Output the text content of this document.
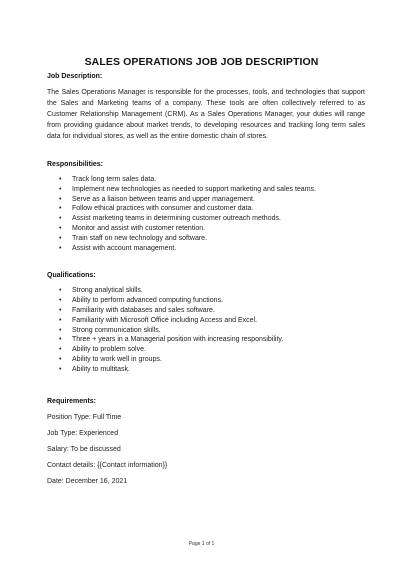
SALES OPERATIONS JOB JOB DESCRIPTION

Job Description:

The Sales Operations Manager is responsible for the processes, tools, and technologies that support the Sales and Marketing teams of a company. These tools are often collectively referred to as Customer Relationship Management (CRM). As a Sales Operations Manager, your duties will range from providing guidance about market trends, to developing resources and tracking long term sales data for individual stores, as well as the entire domestic chain of stores.

Responsibilities:

• Track long term sales data.
• Implement new technologies as needed to support marketing and sales teams.
• Serve as a liaison between teams and upper management.
• Follow ethical practices with consumer and customer data.
• Assist marketing teams in determining customer outreach methods.
• Monitor and assist with customer retention.
• Train staff on new technology and software.
• Assist with account management.

Qualifications:

• Strong analytical skills.
• Ability to perform advanced computing functions.
• Familiarity with databases and sales software.
• Familiarity with Microsoft Office including Access and Excel.
• Strong communication skills.
• Three + years in a Managerial position with increasing responsibility.
• Ability to problem solve.
• Ability to work well in groups.
• Ability to multitask.

Requirements:

Position Type: Full Time

Job Type: Experienced

Salary: To be discussed

Contact details: {{Contact information}}

Date: December 16, 2021

Page 1 of 1
